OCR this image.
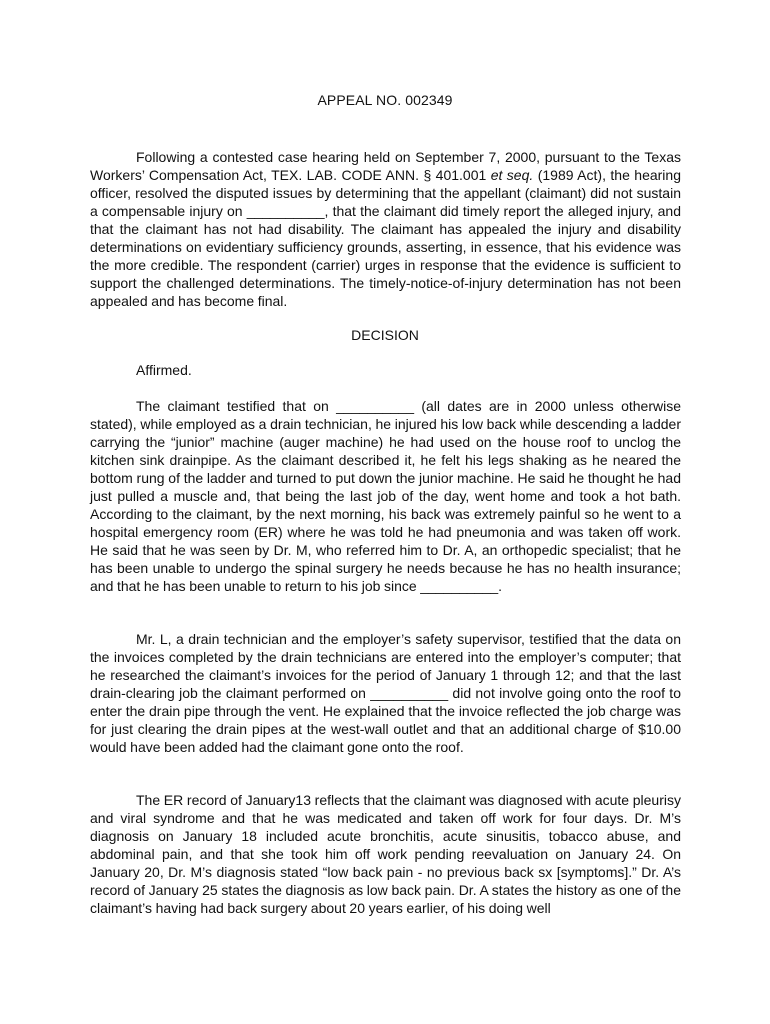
APPEAL NO. 002349

Following a contested case hearing held on September 7, 2000, pursuant to the Texas Workers’ Compensation Act, TEX. LAB. CODE ANN. § 401.001 et seq. (1989 Act), the hearing officer, resolved the disputed issues by determining that the appellant (claimant) did not sustain a compensable injury on __________, that the claimant did timely report the alleged injury, and that the claimant has not had disability. The claimant has appealed the injury and disability determinations on evidentiary sufficiency grounds, asserting, in essence, that his evidence was the more credible. The respondent (carrier) urges in response that the evidence is sufficient to support the challenged determinations. The timely-notice-of-injury determination has not been appealed and has become final.

DECISION
Affirmed.

The claimant testified that on __________ (all dates are in 2000 unless otherwise stated), while employed as a drain technician, he injured his low back while descending a ladder carrying the “junior” machine (auger machine) he had used on the house roof to unclog the kitchen sink drainpipe. As the claimant described it, he felt his legs shaking as he neared the bottom rung of the ladder and turned to put down the junior machine. He said he thought he had just pulled a muscle and, that being the last job of the day, went home and took a hot bath. According to the claimant, by the next morning, his back was extremely painful so he went to a hospital emergency room (ER) where he was told he had pneumonia and was taken off work. He said that he was seen by Dr. M, who referred him to Dr. A, an orthopedic specialist; that he has been unable to undergo the spinal surgery he needs because he has no health insurance; and that he has been unable to return to his job since __________.

Mr. L, a drain technician and the employer’s safety supervisor, testified that the data on the invoices completed by the drain technicians are entered into the employer’s computer; that he researched the claimant’s invoices for the period of January 1 through 12; and that the last drain-clearing job the claimant performed on __________ did not involve going onto the roof to enter the drain pipe through the vent. He explained that the invoice reflected the job charge was for just clearing the drain pipes at the west-wall outlet and that an additional charge of $10.00 would have been added had the claimant gone onto the roof.

The ER record of January13 reflects that the claimant was diagnosed with acute pleurisy and viral syndrome and that he was medicated and taken off work for four days. Dr. M’s diagnosis on January 18 included acute bronchitis, acute sinusitis, tobacco abuse, and abdominal pain, and that she took him off work pending reevaluation on January 24. On January 20, Dr. M’s diagnosis stated “low back pain - no previous back sx [symptoms].” Dr. A’s record of January 25 states the diagnosis as low back pain. Dr. A states the history as one of the claimant’s having had back surgery about 20 years earlier, of his doing well
